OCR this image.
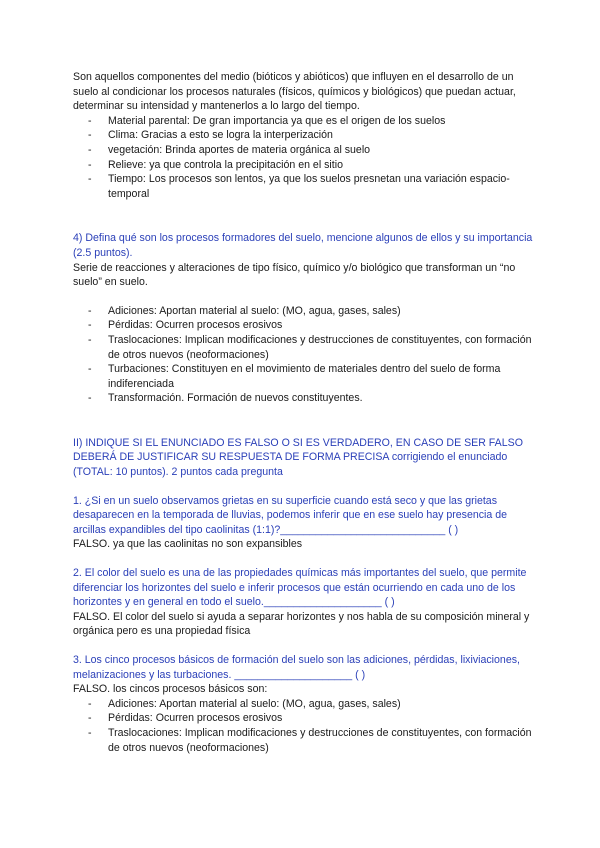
Son aquellos componentes del medio (bióticos y abióticos) que influyen en el desarrollo de un suelo al condicionar los procesos naturales (físicos, químicos y biológicos) que puedan actuar, determinar su intensidad y mantenerlos a lo largo del tiempo.

- Material parental: De gran importancia ya que es el origen de los suelos
- Clima: Gracias a esto se logra la interperización
- vegetación: Brinda aportes de materia orgánica al suelo
- Relieve: ya que controla la precipitación en el sitio
- Tiempo: Los procesos son lentos, ya que los suelos presnetan una variación espacio- temporal

4) Defina qué son los procesos formadores del suelo, mencione algunos de ellos y su importancia (2.5 puntos).

Serie de reacciones y alteraciones de tipo físico, químico y/o biológico que transforman un “no suelo” en suelo.

- Adiciones: Aportan material al suelo: (MO, agua, gases, sales)
- Pérdidas: Ocurren procesos erosivos
- Traslocaciones: Implican modificaciones y destrucciones de constituyentes, con formación de otros nuevos (neoformaciones)
- Turbaciones: Constituyen en el movimiento de materiales dentro del suelo de forma indiferenciada
- Transformación. Formación de nuevos constituyentes.

II) INDIQUE SI EL ENUNCIADO ES FALSO O SI ES VERDADERO, EN CASO DE SER FALSO DEBERÁ DE JUSTIFICAR SU RESPUESTA DE FORMA PRECISA corrigiendo el enunciado (TOTAL: 10 puntos). 2 puntos cada pregunta

1. ¿Si en un suelo observamos grietas en su superficie cuando está seco y que las grietas desaparecen en la temporada de lluvias, podemos inferir que en ese suelo hay presencia de arcillas expandibles del tipo caolinitas (1:1)?____________________________ ( )

FALSO. ya que las caolinitas no son expansibles

2. El color del suelo es una de las propiedades químicas más importantes del suelo, que permite diferenciar los horizontes del suelo e inferir procesos que están ocurriendo en cada uno de los horizontes y en general en todo el suelo.____________________ ( )

FALSO. El color del suelo si ayuda a separar horizontes y nos habla de su composición mineral y orgánica pero es una propiedad física

3. Los cinco procesos básicos de formación del suelo son las adiciones, pérdidas, lixiviaciones, melanizaciones y las turbaciones. ____________________ ( )

FALSO. los cincos procesos básicos son:

- Adiciones: Aportan material al suelo: (MO, agua, gases, sales)
- Pérdidas: Ocurren procesos erosivos
- Traslocaciones: Implican modificaciones y destrucciones de constituyentes, con formación de otros nuevos (neoformaciones)
